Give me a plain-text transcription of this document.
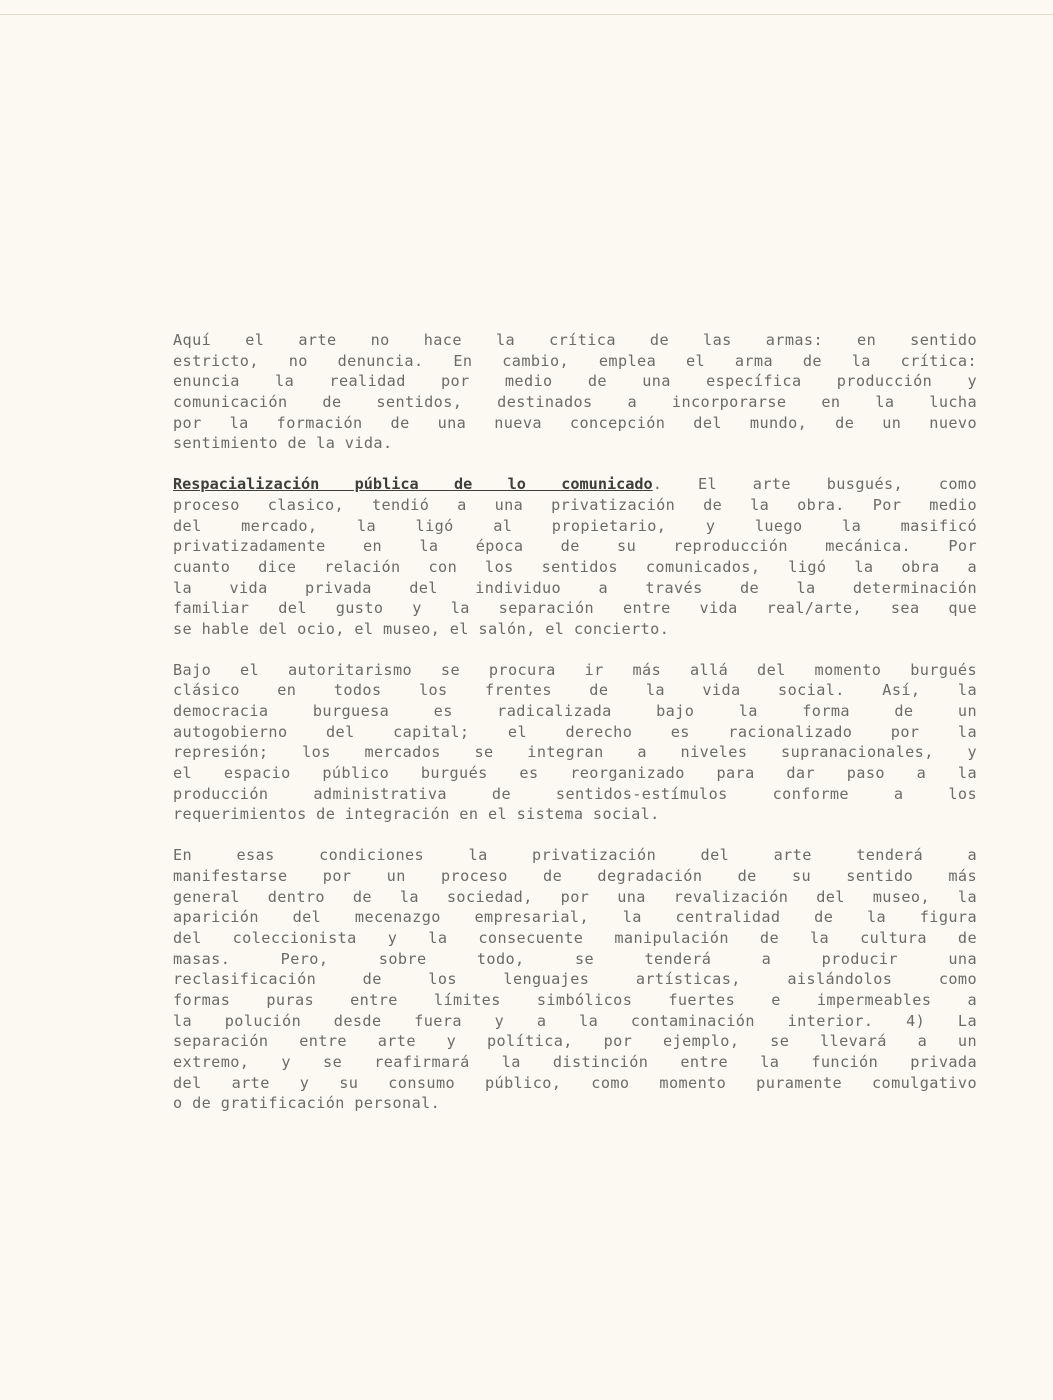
Aquí el arte no hace la crítica de las armas: en sentido
estricto, no denuncia. En cambio, emplea el arma de la crítica:
enuncia la realidad por medio de una específica producción y
comunicación de sentidos, destinados a incorporarse en la lucha
por la formación de una nueva concepción del mundo, de un nuevo
sentimiento de la vida.
Respacialización pública de lo comunicado. El arte busgués, como
proceso clasico, tendió a una privatización de la obra. Por medio
del mercado, la ligó al propietario, y luego la masificó
privatizadamente en la época de su reproducción mecánica. Por
cuanto dice relación con los sentidos comunicados, ligó la obra a
la vida privada del individuo a través de la determinación
familiar del gusto y la separación entre vida real/arte, sea que
se hable del ocio, el museo, el salón, el concierto.
Bajo el autoritarismo se procura ir más allá del momento burgués
clásico en todos los frentes de la vida social. Así, la
democracia burguesa es radicalizada bajo la forma de un
autogobierno del capital; el derecho es racionalizado por la
represión; los mercados se integran a niveles supranacionales, y
el espacio público burgués es reorganizado para dar paso a la
producción administrativa de sentidos-estímulos conforme a los
requerimientos de integración en el sistema social.
En esas condiciones la privatización del arte tenderá a
manifestarse por un proceso de degradación de su sentido más
general dentro de la sociedad, por una revalización del museo, la
aparición del mecenazgo empresarial, la centralidad de la figura
del coleccionista y la consecuente manipulación de la cultura de
masas. Pero, sobre todo, se tenderá a producir una
reclasificación de los lenguajes artísticas, aislándolos como
formas puras entre límites simbólicos fuertes e impermeables a
la polución desde fuera y a la contaminación interior. 4) La
separación entre arte y política, por ejemplo, se llevará a un
extremo, y se reafirmará la distinción entre la función privada
del arte y su consumo público, como momento puramente comulgativo
o de gratificación personal.
